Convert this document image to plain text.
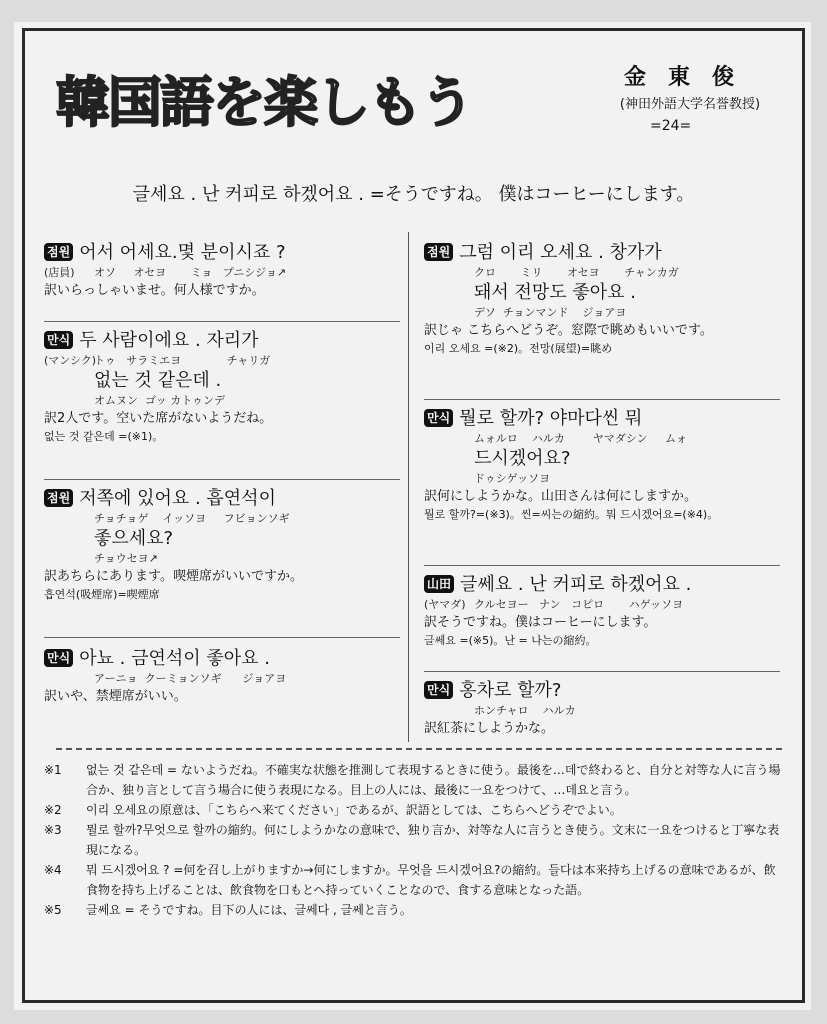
韓国語を楽しもう	金東俊
(神田外語大学名誉教授)
=24=
글세요 . 난 커피로 하겠어요 . =そうですね。 僕はコーヒーにします。
점원 어서 어세요.몇 분이시죠 ?
(店員) オソ     オセヨ       ミョ   プニシジョ↗
訳いらっしゃいませ。何人様ですか。
만식 두 사람이에요 . 자리가
(マンシク)
トゥ   サラミエヨ             チャリガ
없는 것 같은데 .
オムヌン  ゴッ カトゥンデ
訳2人です。空いた席がないようだね。
없는 것 같은데 =(※1)。
점원 저쪽에 있어요 . 흡연석이
チョチョゲ    イッソヨ     フビョンソギ
좋으세요?
チョウセヨ↗
訳あちらにあります。喫煙席がいいですか。
흡연석(吸煙席)=喫煙席
만식 아뇨 . 금연석이 좋아요 .
アーニョ  クーミョンソギ      ジョアヨ
訳いや、禁煙席がいい。
점원 그럼 이리 오세요 . 창가가
クロ       ミリ       オセヨ       チャンカガ
돼서 전망도 좋아요 .
デソ  チョンマンド    ジョアヨ
訳じゃ こちらへどうぞ。窓際で眺めもいいです。
이리 오세요 =(※2)。전망(展望)=眺め
만식 뭘로 할까? 야마다씬 뭐
ムォルロ    ハルカ        ヤマダシン     ムォ
드시겠어요?
ドゥシゲッソヨ
訳何にしようかな。山田さんは何にしますか。
뭘로 할까?=(※3)。씬=씨는の縮約。뭐 드시겠어요=(※4)。
山田 글쎄요 . 난 커피로 하겠어요 .
(ヤマダ) クルセヨー   ナン   コピロ       ハゲッソヨ
訳そうですね。僕はコーヒーにします。
글쎄요 =(※5)。난 = 나는の縮約。
만식 홍차로 할까?
ホンチャロ    ハルカ
訳紅茶にしようかな。
※1 없는 것 같은데 = ないようだね。不確実な状態を推測して表現するときに使う。最後を…데で終わると、自分と対等な人に言う場合か、独り言として言う場合に使う表現になる。目上の人には、最後に一요をつけて、…데요と言う。
※2 이리 오세요の原意は、「こちらへ来てください」であるが、訳語としては、こちらへどうぞでよい。
※3 뭘로 할까?무엇으로 할까の縮約。何にしようかなの意味で、独り言か、対等な人に言うとき使う。文末に一요をつけると丁寧な表現になる。
※4 뭐 드시겠어요 ? =何を召し上がりますか→何にしますか。무엇을 드시겠어요?の縮約。들다は本来持ち上げるの意味であるが、飲食物を持ち上げることは、飲食物を口もとへ持っていくことなので、食する意味となった語。
※5 글쎄요 = そうですね。目下の人には、글쎄다 , 글쎄と言う。
